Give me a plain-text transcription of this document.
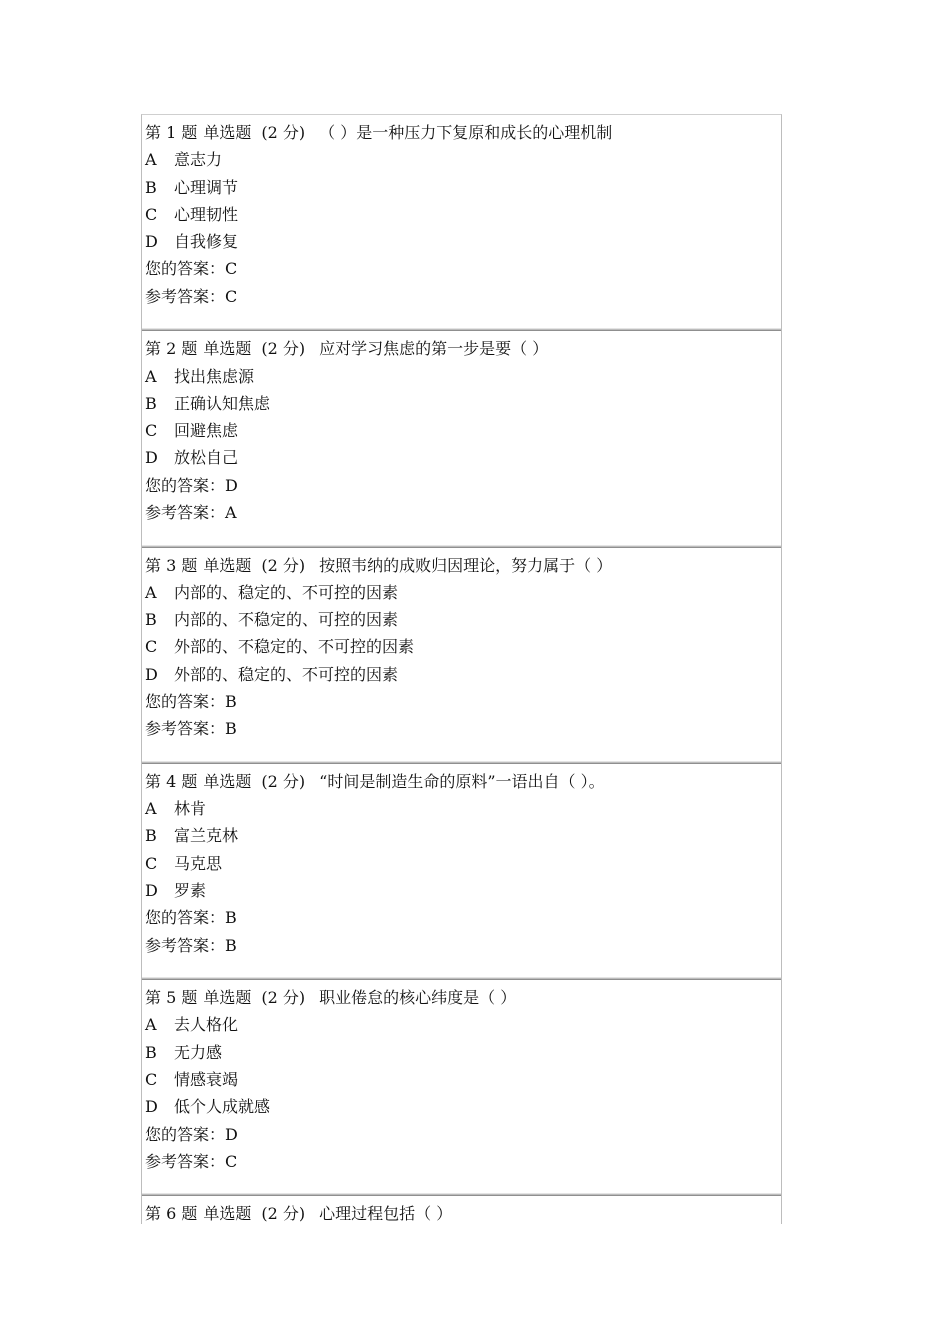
第 1 题 单选题 (2 分) （ ）是一种压力下复原和成长的心理机制
A 意志力
B 心理调节
C 心理韧性
D 自我修复
您的答案：C
参考答案：C
第 2 题 单选题 (2 分) 应对学习焦虑的第一步是要（ ）
A 找出焦虑源
B 正确认知焦虑
C 回避焦虑
D 放松自己
您的答案：D
参考答案：A
第 3 题 单选题 (2 分) 按照韦纳的成败归因理论，努力属于（ ）
A 内部的、稳定的、不可控的因素
B 内部的、不稳定的、可控的因素
C 外部的、不稳定的、不可控的因素
D 外部的、稳定的、不可控的因素
您的答案：B
参考答案：B
第 4 题 单选题 (2 分) “时间是制造生命的原料”一语出自（ ）。
A 林肯
B 富兰克林
C 马克思
D 罗素
您的答案：B
参考答案：B
第 5 题 单选题 (2 分) 职业倦怠的核心纬度是（ ）
A 去人格化
B 无力感
C 情感衰竭
D 低个人成就感
您的答案：D
参考答案：C
第 6 题 单选题 (2 分) 心理过程包括（ ）
